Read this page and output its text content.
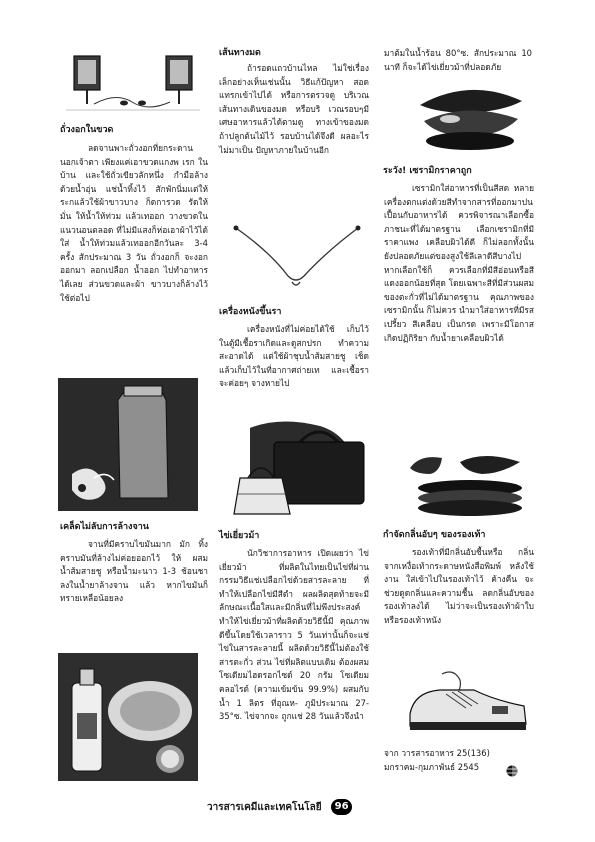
ถั่วงอกในขวด
ลดจานพาะถั่วงอกที่ยกระดาน นอกเจ้าตา เพียงแค่เอาขวดแกงพ เรก ในบ้าน และใช้ถั่วเขียวลักหนึ่ง กำมือล้างด้วยน้ำอุ่น แช่น้ำทิ้งไว้ สักพักนิ่มแต่ให้ระกแล้วใช้ผ้าขาวบาง ก็ดการวด รัดให้มั่น ให้น้ำให้ท่วม แล้วเทออก วางขวดในแนวนอนตลอด ที่ไม่มีแสงก็ห่อเอาผ้าไว้ได้ ใส่ น้ำให้ท่วมแล้วเทออกอีกวันละ 3-4 ครั้ง สักประมาณ 3 วัน ถั่วงอกก็ จะงอกออกมา ลอกเปลือก น้ำออก ไปทำอาหารได้เลย ส่วนขวดและผ้า ขาวบางก็ล้างไว้ใช้ต่อไป
เคล็ดไม่ลับการล้างจาน
จานที่มีคราบไขมันมาก มัก ทิ้งคราบมันที่ล้างไม่ค่อยออกไว้ ให้ ผสมน้ำส้มสายชู หรือน้ำมะนาว 1-3 ช้อนชา ลงในน้ำยาล้างจาน แล้ว หากไขมันก็ทรายเหลือน้อยลง
เส้นทางมด
ถ้ารอดแถวบ้านไหล ไม่ใช่เรื่อง เล็กอย่างเห็นเช่นนั้น วิธีแก้ปัญหา สอดแทรกเข้าไปได้ หรือการตรวจดู บริเวณเส้นทางเดินของมด หรือบริ เวณรอบๆมีเศษอาหารแล้วได้ตามดู ทางเข้าของมด ถ้าปลูกต้นไม้ไว้ รอบบ้านได้จึงดี ผลอะไรไม่มาเป็น ปัญหาภายในบ้านอีก
เครื่องหนังขึ้นรา
เครื่องหนังที่ไม่ค่อยได้ใช้ เก็บไว้ในตู้มีเชื้อราเกิดและดูสกปรก ทำความสะอาดได้ แต่ใช้ผ้าชุบน้ำส้มสายชู เช็ดแล้วเก็บไว้ในที่อากาศถ่ายเท และเชื้อราจะค่อยๆ จางหายไป
ไข่เยี่ยวม้า
นักวิชาการอาหาร เปิดเผยว่า ไข่เยี่ยวม้า ที่ผลิตในไทยเป็นไข่ที่ผ่าน กรรมวิธีแช่เปลือกไข่ด้วยสารละลาย ที่ทำให้เปลือกไข่มีสีดำ ผลผลิตสุดท้ายจะมีลักษณะเนื้อใสและมีกลิ่นที่ไม่พึงประสงค์ ทำให้ไข่เยี่ยวม้าที่ผลิตด้วยวิธีนี้มี คุณภาพดีขึ้นโดยใช้เวลาราว 5 วันเท่านั้นก็จะแช่ ไข่ในสารละลายนี้ ผลิตด้วยวิธีนี้ไม่ต้องใช้สารตะกั่ว ส่วน ไข่ที่ผลิตแบบเดิม ต้องผสม โซเดียมไฮดรอกไซด์ 20 กรัม โซเดียมคลอไรด์ (ความเข้มข้น 99.9%) ผสมกับน้ำ 1 ลิตร ที่อุณห- ภูมิประมาณ 27-35°ซ. ไข่จากจะ ถูกแช่ 28 วันแล้วจึงนำ
มาต้มในน้ำร้อน 80°ซ. สักประมาณ 10 นาที ก็จะได้ไข่เยี่ยวม้าที่ปลอดภัย
ระวัง! เซรามิกราคาถูก
เซรามิกใส่อาหารที่เป็นสีสด หลายเครื่องตกแต่งด้วยสีทำจากสารที่ออกมาปนเปื้อนกับอาหารได้ ควรพิจารณาเลือกซื้อภาชนะที่ได้มาตรฐาน เลือกเซรามิกที่มีราคาแพง เคลือบผิวได้ดี ก็ไม่ลอกทั้งนั้น ยังปลอดภัยแต่ของสูงใช้ลีเลาดีสีบางไป หากเลือกใช้ก็ ควรเลือกที่มีสีอ่อนหรือสีแดงออกน้อยที่สุด โดยเฉพาะสีที่มีส่วนผสม ของตะกั่วที่ไม่ได้มาตรฐาน คุณภาพของเซรามิกนั้น ก็ไม่ควร นำมาใส่อาหารที่มีรสเปรี้ยว สีเคลือบ เป็นกรด เพราะมีโอกาสเกิดปฏิกิริยา กับน้ำยาเคลือบผิวได้
กำจัดกลิ่นอับๆ ของรองเท้า
รองเท้าที่มีกลิ่นอับชื้นหรือ กลิ่นจากเหงื่อเท้ากระดาษหนังสือพิมพ์ หลังใช้งาน ใส่เข้าไปในรองเท้าไว้ ค้างคืน จะช่วยดูดกลิ่นและความชื้น ลดกลิ่นอับของรองเท้าลงได้ ไม่ว่าจะเป็นรองเท้าผ้าใบ หรือรองเท้าหนัง
จาก วารสารอาหาร 25(136)
มกราคม-กุมภาพันธ์ 2545
วารสารเคมีและเทคโนโลยี 96
